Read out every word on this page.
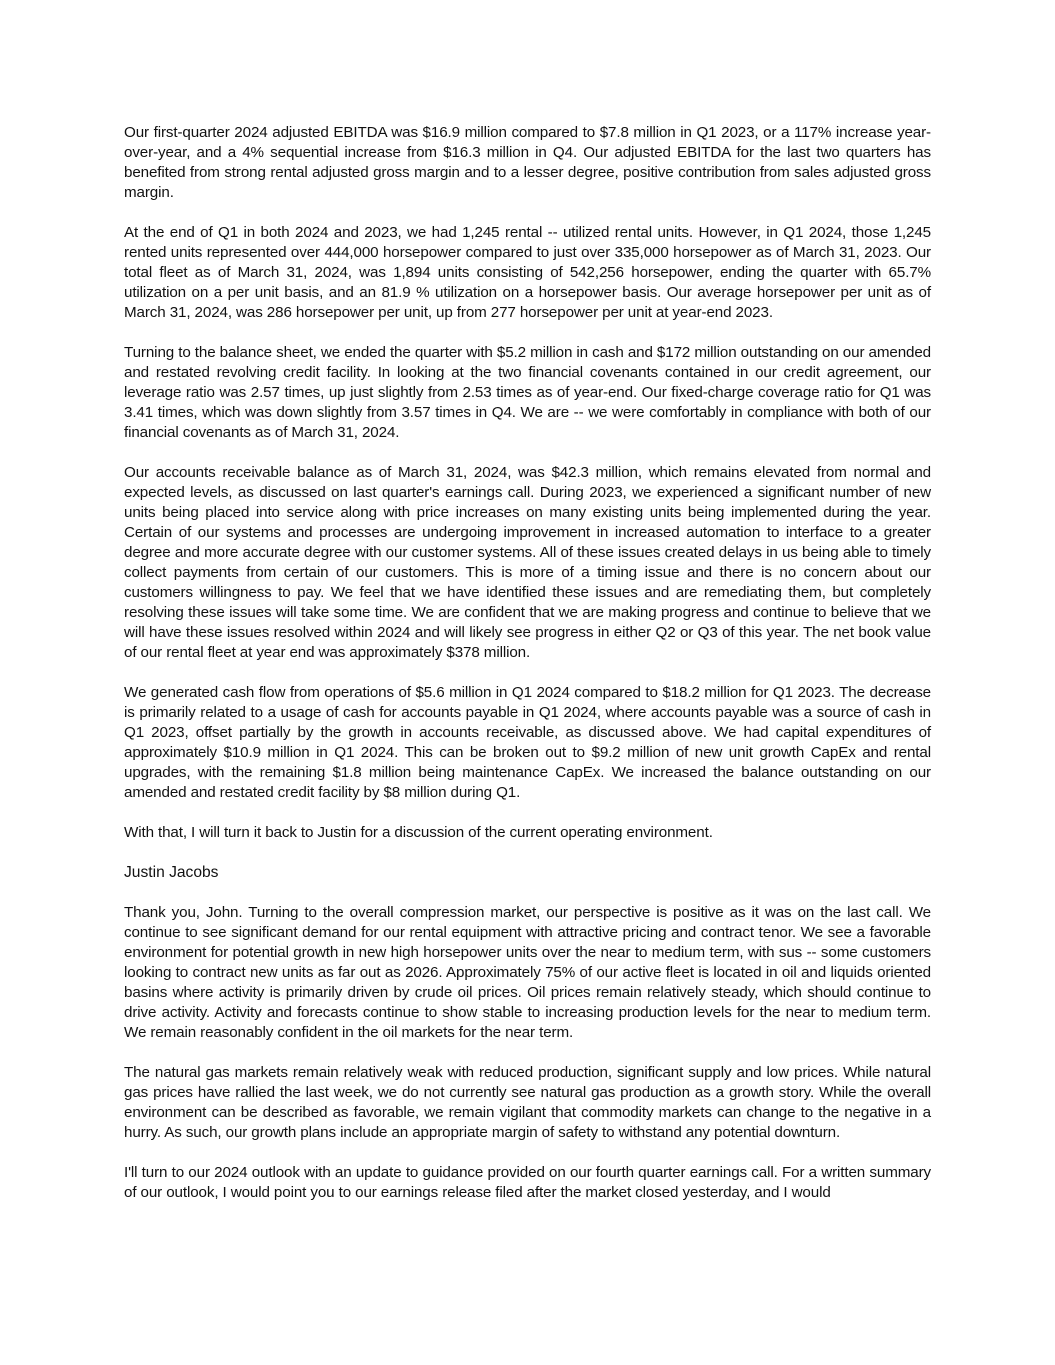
Our first-quarter 2024 adjusted EBITDA was $16.9 million compared to $7.8 million in Q1 2023, or a 117% increase year-over-year, and a 4% sequential increase from $16.3 million in Q4. Our adjusted EBITDA for the last two quarters has benefited from strong rental adjusted gross margin and to a lesser degree, positive contribution from sales adjusted gross margin.

At the end of Q1 in both 2024 and 2023, we had 1,245 rental -- utilized rental units. However, in Q1 2024, those 1,245 rented units represented over 444,000 horsepower compared to just over 335,000 horsepower as of March 31, 2023. Our total fleet as of March 31, 2024, was 1,894 units consisting of 542,256 horsepower, ending the quarter with 65.7% utilization on a per unit basis, and an 81.9 % utilization on a horsepower basis. Our average horsepower per unit as of March 31, 2024, was 286 horsepower per unit, up from 277 horsepower per unit at year-end 2023.

Turning to the balance sheet, we ended the quarter with $5.2 million in cash and $172 million outstanding on our amended and restated revolving credit facility. In looking at the two financial covenants contained in our credit agreement, our leverage ratio was 2.57 times, up just slightly from 2.53 times as of year-end. Our fixed-charge coverage ratio for Q1 was 3.41 times, which was down slightly from 3.57 times in Q4. We are -- we were comfortably in compliance with both of our financial covenants as of March 31, 2024.

Our accounts receivable balance as of March 31, 2024, was $42.3 million, which remains elevated from normal and expected levels, as discussed on last quarter's earnings call. During 2023, we experienced a significant number of new units being placed into service along with price increases on many existing units being implemented during the year. Certain of our systems and processes are undergoing improvement in increased automation to interface to a greater degree and more accurate degree with our customer systems. All of these issues created delays in us being able to timely collect payments from certain of our customers. This is more of a timing issue and there is no concern about our customers willingness to pay. We feel that we have identified these issues and are remediating them, but completely resolving these issues will take some time. We are confident that we are making progress and continue to believe that we will have these issues resolved within 2024 and will likely see progress in either Q2 or Q3 of this year. The net book value of our rental fleet at year end was approximately $378 million.

We generated cash flow from operations of $5.6 million in Q1 2024 compared to $18.2 million for Q1 2023. The decrease is primarily related to a usage of cash for accounts payable in Q1 2024, where accounts payable was a source of cash in Q1 2023, offset partially by the growth in accounts receivable, as discussed above. We had capital expenditures of approximately $10.9 million in Q1 2024. This can be broken out to $9.2 million of new unit growth CapEx and rental upgrades, with the remaining $1.8 million being maintenance CapEx. We increased the balance outstanding on our amended and restated credit facility by $8 million during Q1.

With that, I will turn it back to Justin for a discussion of the current operating environment.

Justin Jacobs

Thank you, John. Turning to the overall compression market, our perspective is positive as it was on the last call. We continue to see significant demand for our rental equipment with attractive pricing and contract tenor. We see a favorable environment for potential growth in new high horsepower units over the near to medium term, with sus -- some customers looking to contract new units as far out as 2026. Approximately 75% of our active fleet is located in oil and liquids oriented basins where activity is primarily driven by crude oil prices. Oil prices remain relatively steady, which should continue to drive activity. Activity and forecasts continue to show stable to increasing production levels for the near to medium term. We remain reasonably confident in the oil markets for the near term.

The natural gas markets remain relatively weak with reduced production, significant supply and low prices. While natural gas prices have rallied the last week, we do not currently see natural gas production as a growth story. While the overall environment can be described as favorable, we remain vigilant that commodity markets can change to the negative in a hurry. As such, our growth plans include an appropriate margin of safety to withstand any potential downturn.

I'll turn to our 2024 outlook with an update to guidance provided on our fourth quarter earnings call. For a written summary of our outlook, I would point you to our earnings release filed after the market closed yesterday, and I would
